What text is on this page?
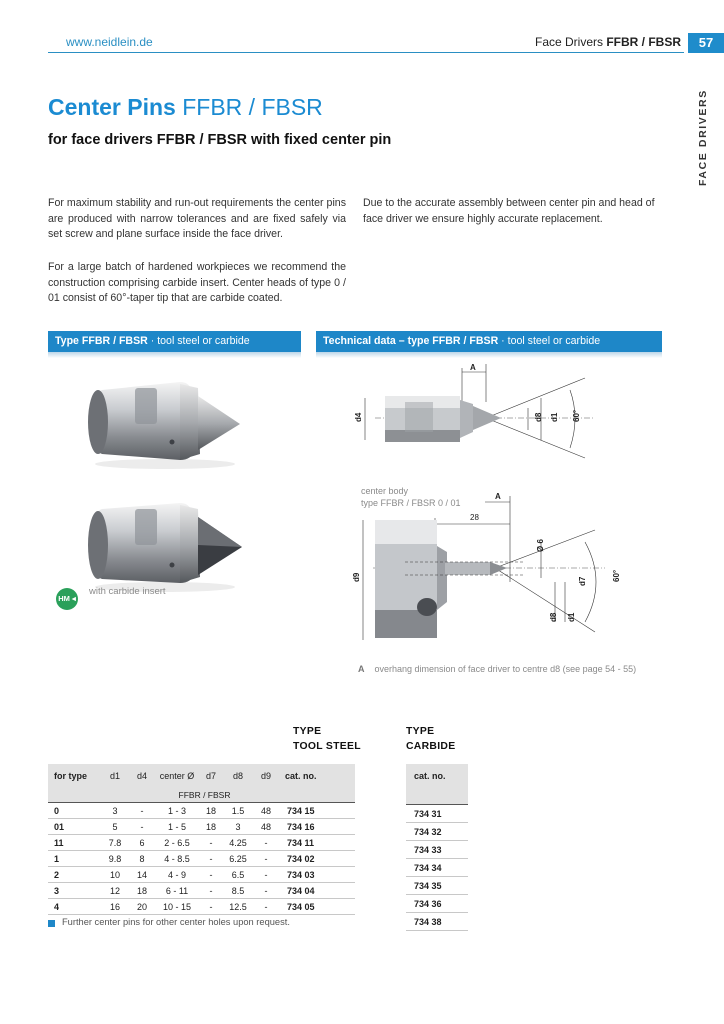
www.neidlein.de	Face Drivers FFBR / FBSR	57
FACE DRIVERS
Center Pins FFBR / FBSR
for face drivers FFBR / FBSR with fixed center pin
For maximum stability and run-out requirements the center pins are produced with narrow tolerances and are fixed safely via set screw and plane surface inside the face driver.
For a large batch of hardened workpieces we recommend the construction comprising carbide insert. Center heads of type 0 / 01 consist of 60°-taper tip that are carbide coated.
Due to the accurate assembly between center pin and head of face driver we ensure highly accurate replacement.
Type FFBR / FBSR · tool steel or carbide	Technical data – type FFBR / FBSR · tool steel or carbide
HM ◂
with carbide insert
A
d4	d8 d1 60°
center body
type FFBR / FBSR 0 / 01
A
28
Ø 6
d9	d7
d8 d1
60°
A overhang dimension of face driver to centre d8 (see page 54 - 55)
TYPE
TOOL STEEL
TYPE
CARBIDE
for type	d1	d4	center Ø	d7	d8	d9	cat. no.
FFBR / FBSR							
0	3	-	1 - 3	18	1.5	48	734 15
01	5	-	1 - 5	18	3	48	734 16
11	7.8	6	2 - 6.5	-	4.25	-	734 11
1	9.8	8	4 - 8.5	-	6.25	-	734 02
2	10	14	4 - 9	-	6.5	-	734 03
3	12	18	6 - 11	-	8.5	-	734 04
4	16	20	10 - 15	-	12.5	-	734 05
cat. no.

734 31
734 32
734 33
734 34
734 35
734 36
734 38
Further center pins for other center holes upon request.
